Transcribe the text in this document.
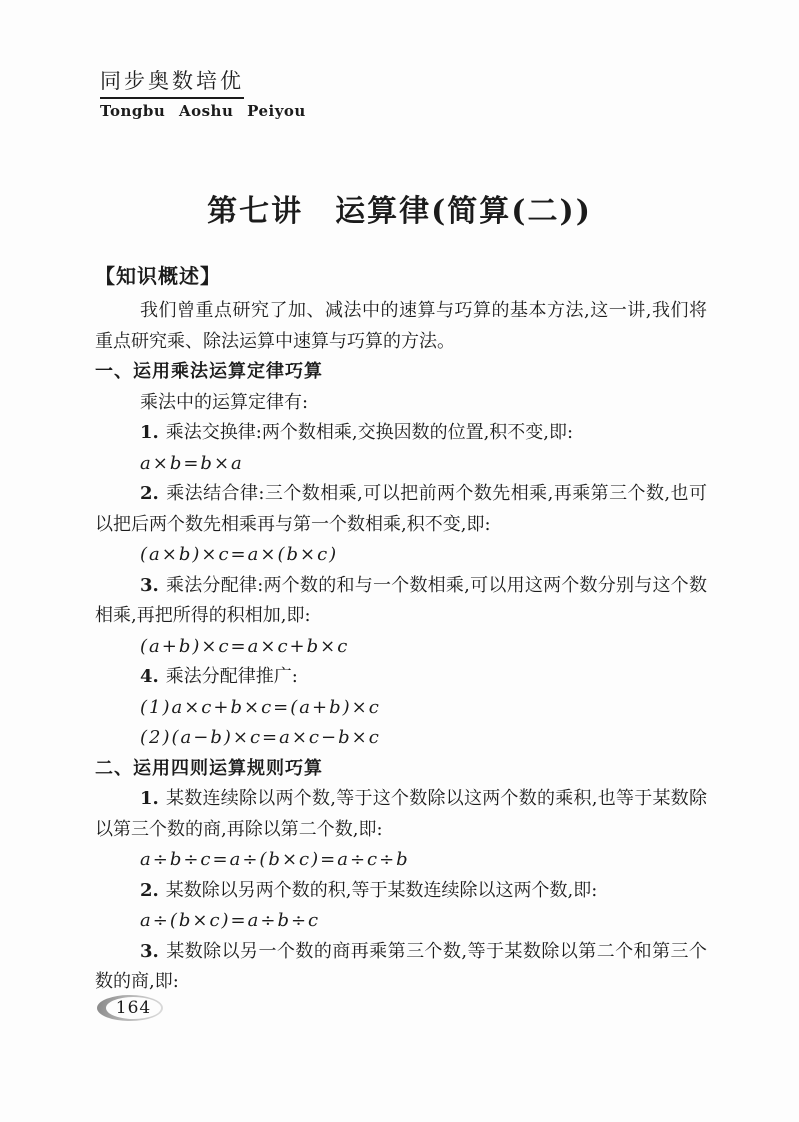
同步奥数培优
Tongbu Aoshu Peiyou
第七讲　运算律(简算(二))
【知识概述】

我们曾重点研究了加、减法中的速算与巧算的基本方法,这一讲,我们将重点研究乘、除法运算中速算与巧算的方法。

一、运用乘法运算定律巧算

乘法中的运算定律有:

1. 乘法交换律:两个数相乘,交换因数的位置,积不变,即:

a×b=b×a

2. 乘法结合律:三个数相乘,可以把前两个数先相乘,再乘第三个数,也可以把后两个数先相乘再与第一个数相乘,积不变,即:

(a×b)×c=a×(b×c)

3. 乘法分配律:两个数的和与一个数相乘,可以用这两个数分别与这个数相乘,再把所得的积相加,即:

(a+b)×c=a×c+b×c

4. 乘法分配律推广:

(1)a×c+b×c=(a+b)×c

(2)(a−b)×c=a×c−b×c

二、运用四则运算规则巧算

1. 某数连续除以两个数,等于这个数除以这两个数的乘积,也等于某数除以第三个数的商,再除以第二个数,即:

a÷b÷c=a÷(b×c)=a÷c÷b

2. 某数除以另两个数的积,等于某数连续除以这两个数,即:

a÷(b×c)=a÷b÷c

3. 某数除以另一个数的商再乘第三个数,等于某数除以第二个和第三个数的商,即:

164
